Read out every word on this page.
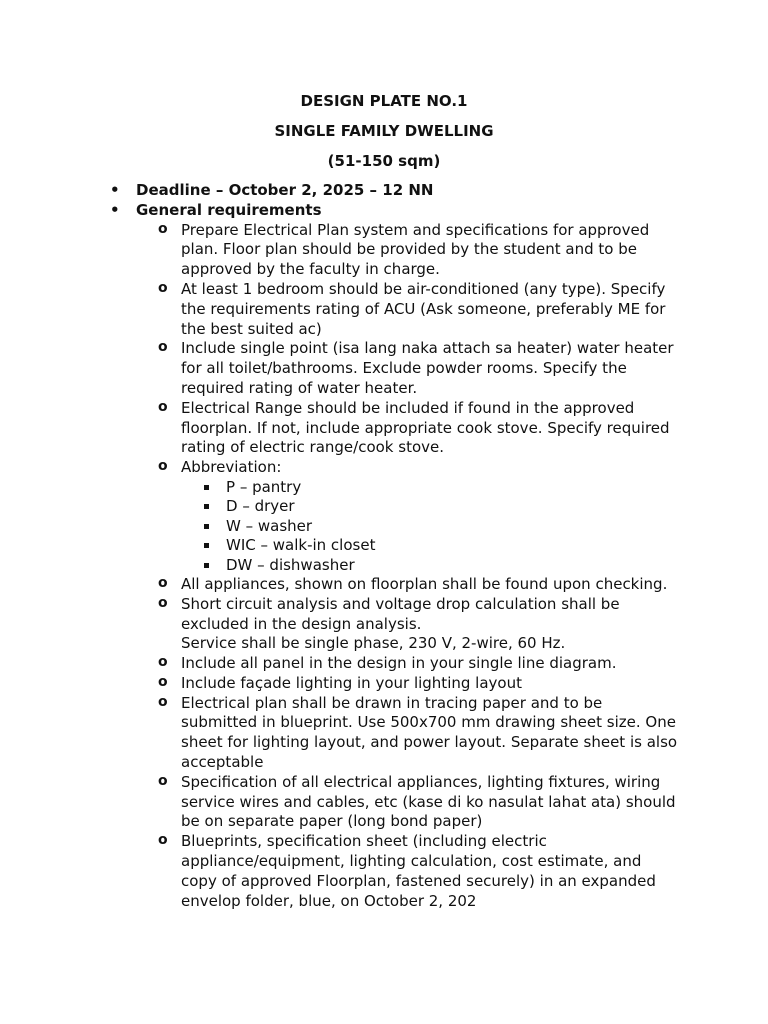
DESIGN PLATE NO.1
SINGLE FAMILY DWELLING
(51-150 sqm)
• Deadline – October 2, 2025 – 12 NN
• General requirements
o Prepare Electrical Plan system and specifications for approved plan. Floor plan should be provided by the student and to be approved by the faculty in charge.
o At least 1 bedroom should be air-conditioned (any type). Specify the requirements rating of ACU (Ask someone, preferably ME for the best suited ac)
o Include single point (isa lang naka attach sa heater) water heater for all toilet/bathrooms. Exclude powder rooms. Specify the required rating of water heater.
o Electrical Range should be included if found in the approved floorplan. If not, include appropriate cook stove. Specify required rating of electric range/cook stove.
o Abbreviation:
P – pantry
D – dryer
W – washer
WIC – walk-in closet
DW – dishwasher
o All appliances, shown on floorplan shall be found upon checking.
o Short circuit analysis and voltage drop calculation shall be excluded in the design analysis.
Service shall be single phase, 230 V, 2-wire, 60 Hz.
o Include all panel in the design in your single line diagram.
o Include façade lighting in your lighting layout
o Electrical plan shall be drawn in tracing paper and to be submitted in blueprint. Use 500x700 mm drawing sheet size. One sheet for lighting layout, and power layout. Separate sheet is also acceptable
o Specification of all electrical appliances, lighting fixtures, wiring service wires and cables, etc (kase di ko nasulat lahat ata) should be on separate paper (long bond paper)
o Blueprints, specification sheet (including electric appliance/equipment, lighting calculation, cost estimate, and copy of approved Floorplan, fastened securely) in an expanded envelop folder, blue, on October 2, 202
